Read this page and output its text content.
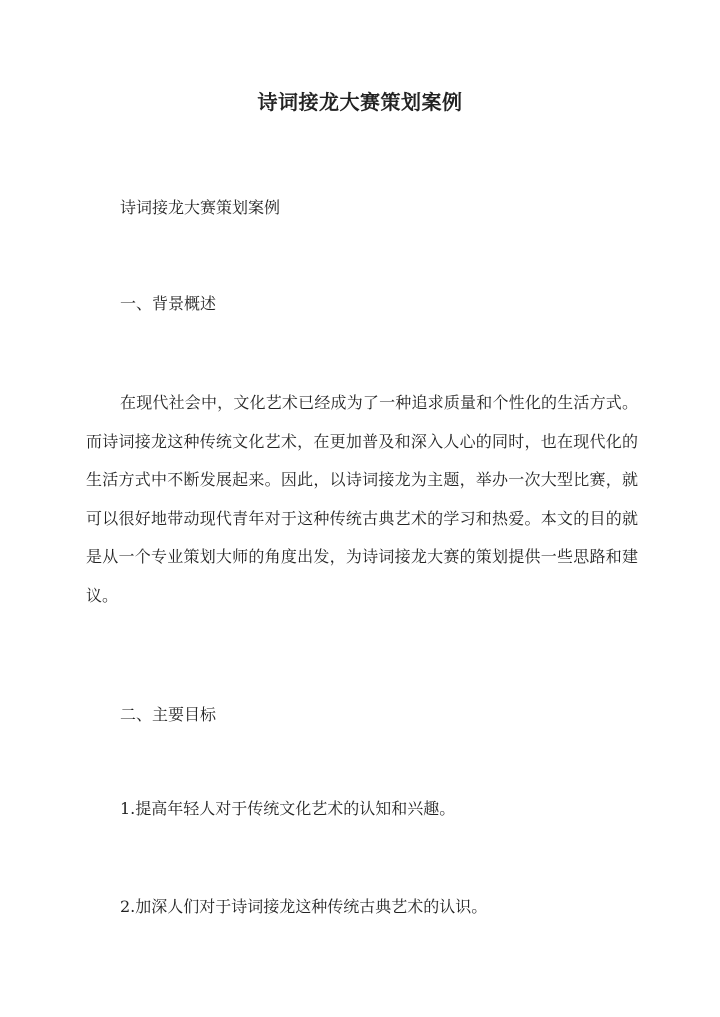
诗词接龙大赛策划案例

诗词接龙大赛策划案例

一、背景概述

在现代社会中，文化艺术已经成为了一种追求质量和个性化的生活方式。而诗词接龙这种传统文化艺术，在更加普及和深入人心的同时，也在现代化的生活方式中不断发展起来。因此，以诗词接龙为主题，举办一次大型比赛，就可以很好地带动现代青年对于这种传统古典艺术的学习和热爱。本文的目的就是从一个专业策划大师的角度出发，为诗词接龙大赛的策划提供一些思路和建议。

二、主要目标

1.提高年轻人对于传统文化艺术的认知和兴趣。

2.加深人们对于诗词接龙这种传统古典艺术的认识。
